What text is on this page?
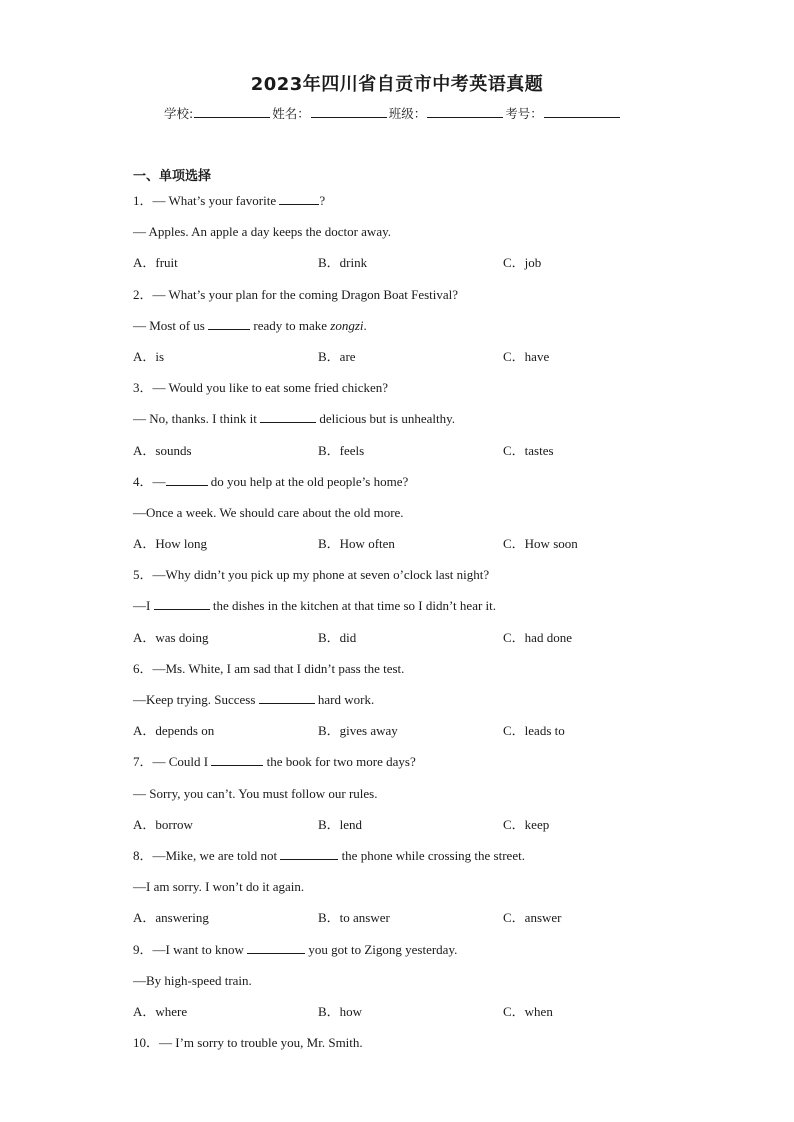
2023年四川省自贡市中考英语真题
学校:	姓名：	班级：	考号：
一、单项选择
1．— What’s your favorite	?
— Apples. An apple a day keeps the doctor away.
A．fruit	B．drink	C．job
2．— What’s your plan for the coming Dragon Boat Festival?
— Most of us	ready to make zongzi.
A．is	B．are	C．have
3．— Would you like to eat some fried chicken?
— No, thanks. I think it	delicious but is unhealthy.
A．sounds	B．feels	C．tastes
4．—	do you help at the old people’s home?
—Once a week. We should care about the old more.
A．How long	B．How often	C．How soon
5．—Why didn’t you pick up my phone at seven o’clock last night?
—I	the dishes in the kitchen at that time so I didn’t hear it.
A．was doing	B．did	C．had done
6．—Ms. White, I am sad that I didn’t pass the test.
—Keep trying. Success	hard work.
A．depends on	B．gives away	C．leads to
7．— Could I	the book for two more days?
— Sorry, you can’t. You must follow our rules.
A．borrow	B．lend	C．keep
8．—Mike, we are told not	the phone while crossing the street.
—I am sorry. I won’t do it again.
A．answering	B．to answer	C．answer
9．—I want to know	you got to Zigong yesterday.
—By high-speed train.
A．where	B．how	C．when
10．— I’m sorry to trouble you, Mr. Smith.
